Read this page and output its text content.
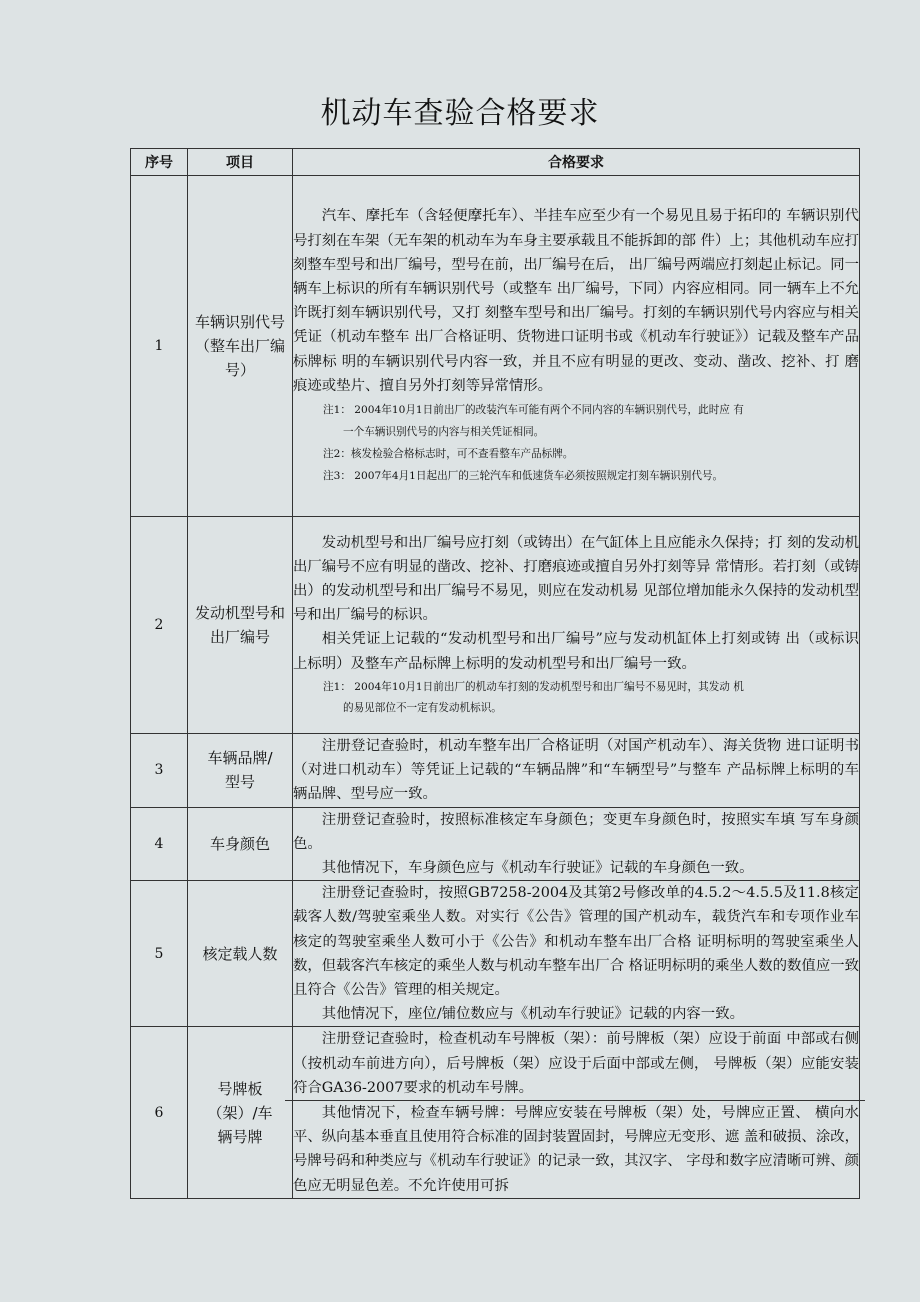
机动车查验合格要求
序号	项目	合格要求
1	车辆识别代号（整车出厂编号）	汽车、摩托车（含轻便摩托车）、半挂车应至少有一个易见且易于拓印的 车辆识别代号打刻在车架（无车架的机动车为车身主要承载且不能拆卸的部 件）上；其他机动车应打刻整车型号和出厂编号，型号在前，出厂编号在后， 出厂编号两端应打刻起止标记。同一辆车上标识的所有车辆识别代号（或整车 出厂编号，下同）内容应相同。同一辆车上不允许既打刻车辆识别代号，又打 刻整车型号和出厂编号。打刻的车辆识别代号内容应与相关凭证（机动车整车 出厂合格证明、货物进口证明书或《机动车行驶证》）记载及整车产品标牌标 明的车辆识别代号内容一致，并且不应有明显的更改、变动、凿改、挖补、打 磨痕迹或垫片、擅自另外打刻等异常情形。

注1： 2004年10月1日前出厂的改装汽车可能有两个不同内容的车辆识别代号，此时应 有
一个车辆识别代号的内容与相关凭证相同。

注2：核发检验合格标志时，可不查看整车产品标牌。

注3： 2007年4月1日起出厂的三轮汽车和低速货车必须按照规定打刻车辆识别代号。

2	发动机型号和出厂编号	发动机型号和出厂编号应打刻（或铸出）在气缸体上且应能永久保持；打 刻的发动机出厂编号不应有明显的凿改、挖补、打磨痕迹或擅自另外打刻等异 常情形。若打刻（或铸出）的发动机型号和出厂编号不易见，则应在发动机易 见部位增加能永久保持的发动机型号和出厂编号的标识。

相关凭证上记载的“发动机型号和出厂编号”应与发动机缸体上打刻或铸 出（或标识上标明）及整车产品标牌上标明的发动机型号和出厂编号一致。

注1： 2004年10月1日前出厂的机动车打刻的发动机型号和出厂编号不易见时，其发动 机
的易见部位不一定有发动机标识。

3	车辆品牌/型号	注册登记查验时，机动车整车出厂合格证明（对国产机动车）、海关货物 进口证明书（对进口机动车）等凭证上记载的“车辆品牌”和“车辆型号”与整车 产品标牌上标明的车辆品牌、型号应一致。

4	车身颜色	注册登记查验时，按照标准核定车身颜色；变更车身颜色时，按照实车填 写车身颜色。

其他情况下，车身颜色应与《机动车行驶证》记载的车身颜色一致。

5	核定载人数	注册登记查验时，按照GB7258-2004及其第2号修改单的4.5.2〜4.5.5及11.8核定载客人数/驾驶室乘坐人数。对实行《公告》管理的国产机动车，载货汽车和专项作业车核定的驾驶室乘坐人数可小于《公告》和机动车整车出厂合格 证明标明的驾驶室乘坐人数，但载客汽车核定的乘坐人数与机动车整车出厂合 格证明标明的乘坐人数的数值应一致且符合《公告》管理的相关规定。

其他情况下，座位/铺位数应与《机动车行驶证》记载的内容一致。

6	号牌板（架）/车辆号牌	注册登记查验时，检查机动车号牌板（架）：前号牌板（架）应设于前面 中部或右侧（按机动车前进方向），后号牌板（架）应设于后面中部或左侧， 号牌板（架）应能安装符合GA36-2007要求的机动车号牌。

其他情况下，检查车辆号牌：号牌应安装在号牌板（架）处，号牌应正置、 横向水平、纵向基本垂直且使用符合标准的固封装置固封，号牌应无变形、遮 盖和破损、涂改，号牌号码和种类应与《机动车行驶证》的记录一致，其汉字、 字母和数字应清晰可辨、颜色应无明显色差。不允许使用可拆
